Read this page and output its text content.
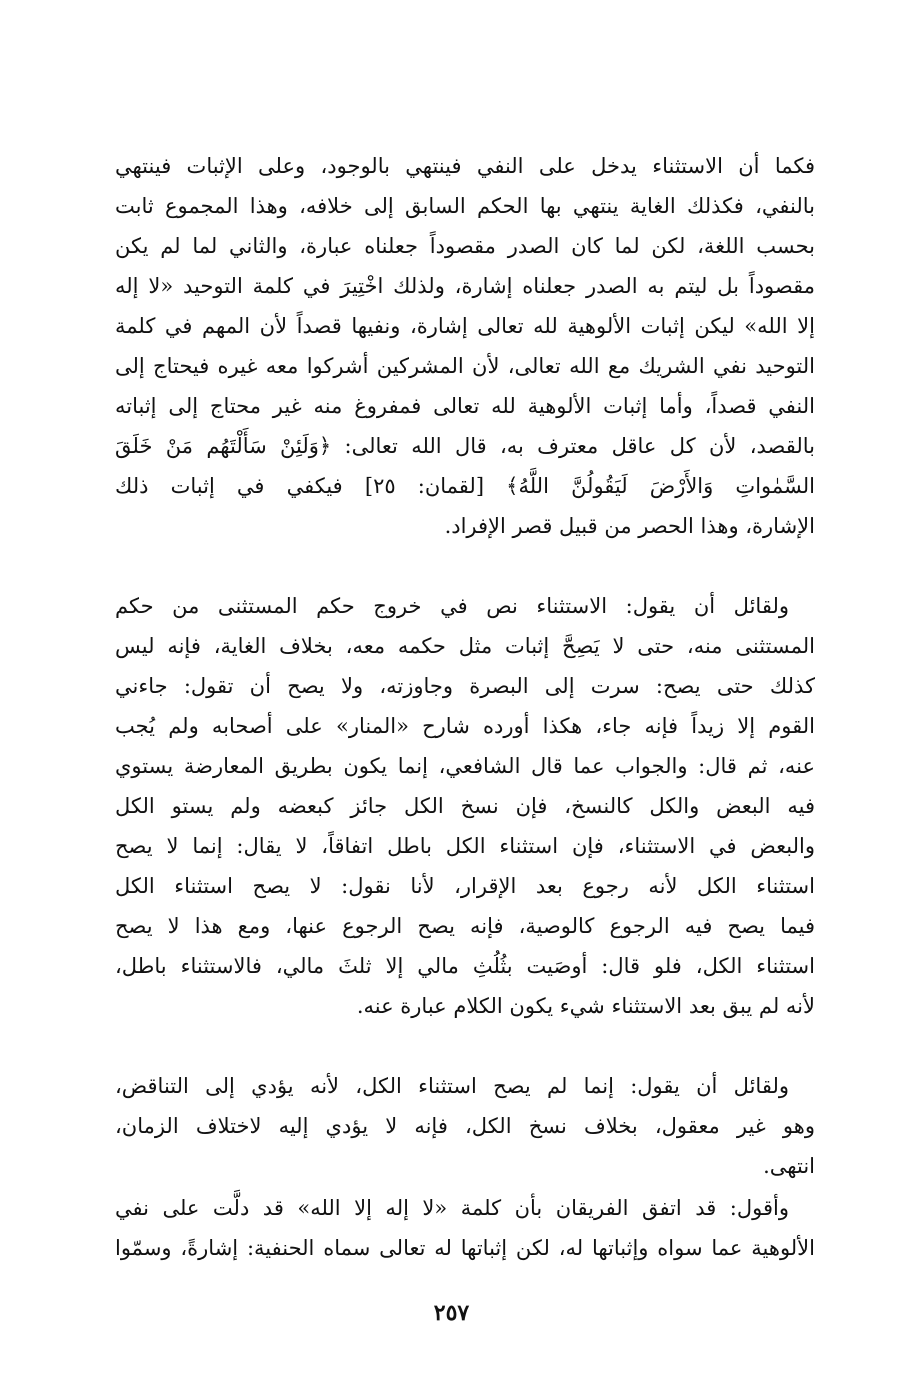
فكما أن الاستثناء يدخل على النفي فينتهي بالوجود، وعلى الإثبات فينتهي
بالنفي، فكذلك الغاية ينتهي بها الحكم السابق إلى خلافه، وهذا المجموع ثابت
بحسب اللغة، لكن لما كان الصدر مقصوداً جعلناه عبارة، والثاني لما لم يكن
مقصوداً بل ليتم به الصدر جعلناه إشارة، ولذلك اخْتِيرَ في كلمة التوحيد «لا إله
إلا الله» ليكن إثبات الألوهية لله تعالى إشارة، ونفيها قصداً لأن المهم في كلمة
التوحيد نفي الشريك مع الله تعالى، لأن المشركين أشركوا معه غيره فيحتاج إلى
النفي قصداً، وأما إثبات الألوهية لله تعالى فمفروغ منه غير محتاج إلى إثباته
بالقصد، لأن كل عاقل معترف به، قال الله تعالى: ﴿وَلَئِنْ سَأَلْتَهُم مَنْ خَلَقَ
السَّمٰواتِ وَالأَرْضَ لَيَقُولُنَّ اللَّهُ﴾ [لقمان: ٢٥] فيكفي في إثبات ذلك
الإشارة، وهذا الحصر من قبيل قصر الإفراد.
ولقائل أن يقول: الاستثناء نص في خروج حكم المستثنى من حكم
المستثنى منه، حتى لا يَصِحَّ إثبات مثل حكمه معه، بخلاف الغاية، فإنه ليس
كذلك حتى يصح: سرت إلى البصرة وجاوزته، ولا يصح أن تقول: جاءني
القوم إلا زيداً فإنه جاء، هكذا أورده شارح «المنار» على أصحابه ولم يُجب
عنه، ثم قال: والجواب عما قال الشافعي، إنما يكون بطريق المعارضة يستوي
فيه البعض والكل كالنسخ، فإن نسخ الكل جائز كبعضه ولم يستو الكل
والبعض في الاستثناء، فإن استثناء الكل باطل اتفاقاً، لا يقال: إنما لا يصح
استثناء الكل لأنه رجوع بعد الإقرار، لأنا نقول: لا يصح استثناء الكل
فيما يصح فيه الرجوع كالوصية، فإنه يصح الرجوع عنها، ومع هذا لا يصح
استثناء الكل، فلو قال: أوصَيت بثُلُثِ مالي إلا ثلثَ مالي، فالاستثناء باطل،
لأنه لم يبق بعد الاستثناء شيء يكون الكلام عبارة عنه.
ولقائل أن يقول: إنما لم يصح استثناء الكل، لأنه يؤدي إلى التناقض،
وهو غير معقول، بخلاف نسخ الكل، فإنه لا يؤدي إليه لاختلاف الزمان،
انتهى.
وأقول: قد اتفق الفريقان بأن كلمة «لا إله إلا الله» قد دلَّت على نفي
الألوهية عما سواه وإثباتها له، لكن إثباتها له تعالى سماه الحنفية: إشارةً، وسمّوا
٢٥٧
